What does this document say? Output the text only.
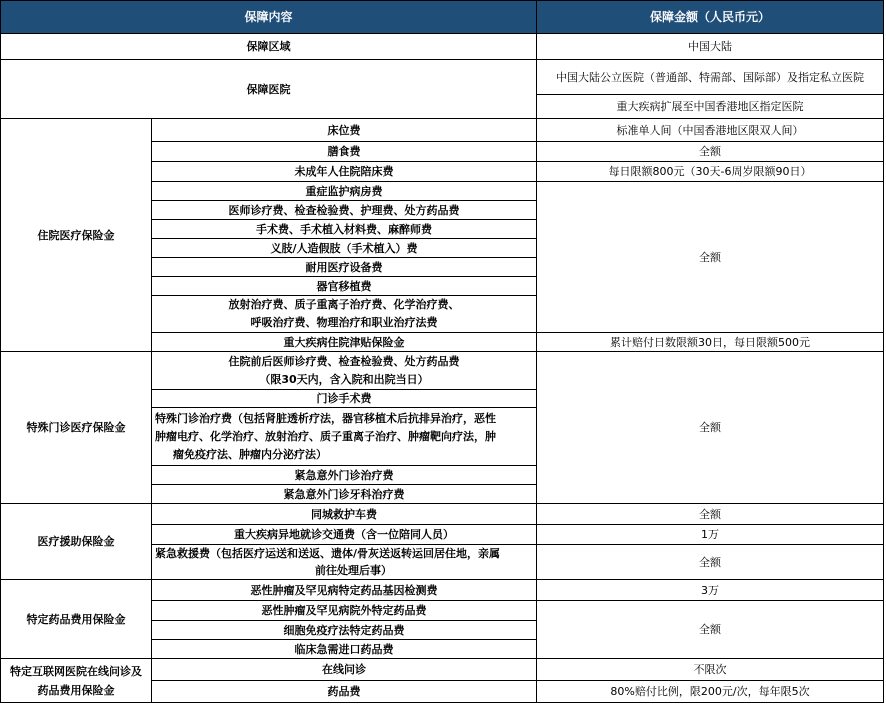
保障内容	保障金额（人民币元）
保障区域	中国大陆
保障医院
中国大陆公立医院（普通部、特需部、国际部）及指定私立医院
重大疾病扩展至中国香港地区指定医院
住院医疗保险金
床位费
膳食费
未成年人住院陪床费
重症监护病房费
医师诊疗费、检查检验费、护理费、处方药品费
手术费、手术植入材料费、麻醉师费
义肢/人造假肢（手术植入）费
耐用医疗设备费
器官移植费
放射治疗费、质子重离子治疗费、化学治疗费、
呼吸治疗费、物理治疗和职业治疗法费
重大疾病住院津贴保险金
标准单人间（中国香港地区限双人间）
全额
每日限额800元（30天-6周岁限额90日）
全额
累计赔付日数限额30日，每日限额500元
特殊门诊医疗保险金
住院前后医师诊疗费、检查检验费、处方药品费
（限30天内，含入院和出院当日）
门诊手术费
特殊门诊治疗费（包括肾脏透析疗法，器官移植术后抗排异治疗，恶性
肿瘤电疗、化学治疗、放射治疗、质子重离子治疗、肿瘤靶向疗法，肿
瘤免疫疗法、肿瘤内分泌疗法）
紧急意外门诊治疗费
紧急意外门诊牙科治疗费
全额
医疗援助保险金
同城救护车费
重大疾病异地就诊交通费（含一位陪同人员）
紧急救援费（包括医疗运送和送返、遗体/骨灰送返转运回居住地，亲属
前往处理后事）
全额
1万
全额
特定药品费用保险金
恶性肿瘤及罕见病特定药品基因检测费
恶性肿瘤及罕见病院外特定药品费
细胞免疫疗法特定药品费
临床急需进口药品费
3万
全额
特定互联网医院在线问诊及
药品费用保险金
在线问诊
药品费
不限次
80%赔付比例，限200元/次，每年限5次
